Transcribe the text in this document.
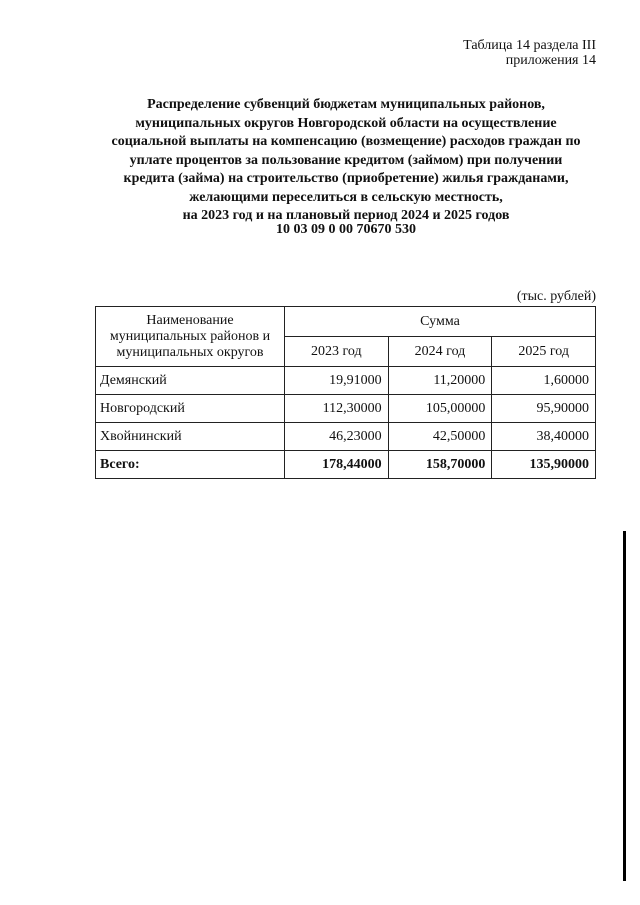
Таблица 14 раздела III
приложения 14
Распределение субвенций бюджетам муниципальных районов,
муниципальных округов Новгородской области на осуществление
социальной выплаты на компенсацию (возмещение) расходов граждан по
уплате процентов за пользование кредитом (займом) при получении
кредита (займа) на строительство (приобретение) жилья гражданами,
желающими переселиться в сельскую местность,
на 2023 год и на плановый период 2024 и 2025 годов
10 03 09 0 00 70670 530
(тыс. рублей)
Наименование муниципальных районов и муниципальных округов	Сумма		
	2023 год	2024 год	2025 год
Демянский	19,91000	11,20000	1,60000
Новгородский	112,30000	105,00000	95,90000
Хвойнинский	46,23000	42,50000	38,40000
Всего:	178,44000	158,70000	135,90000
